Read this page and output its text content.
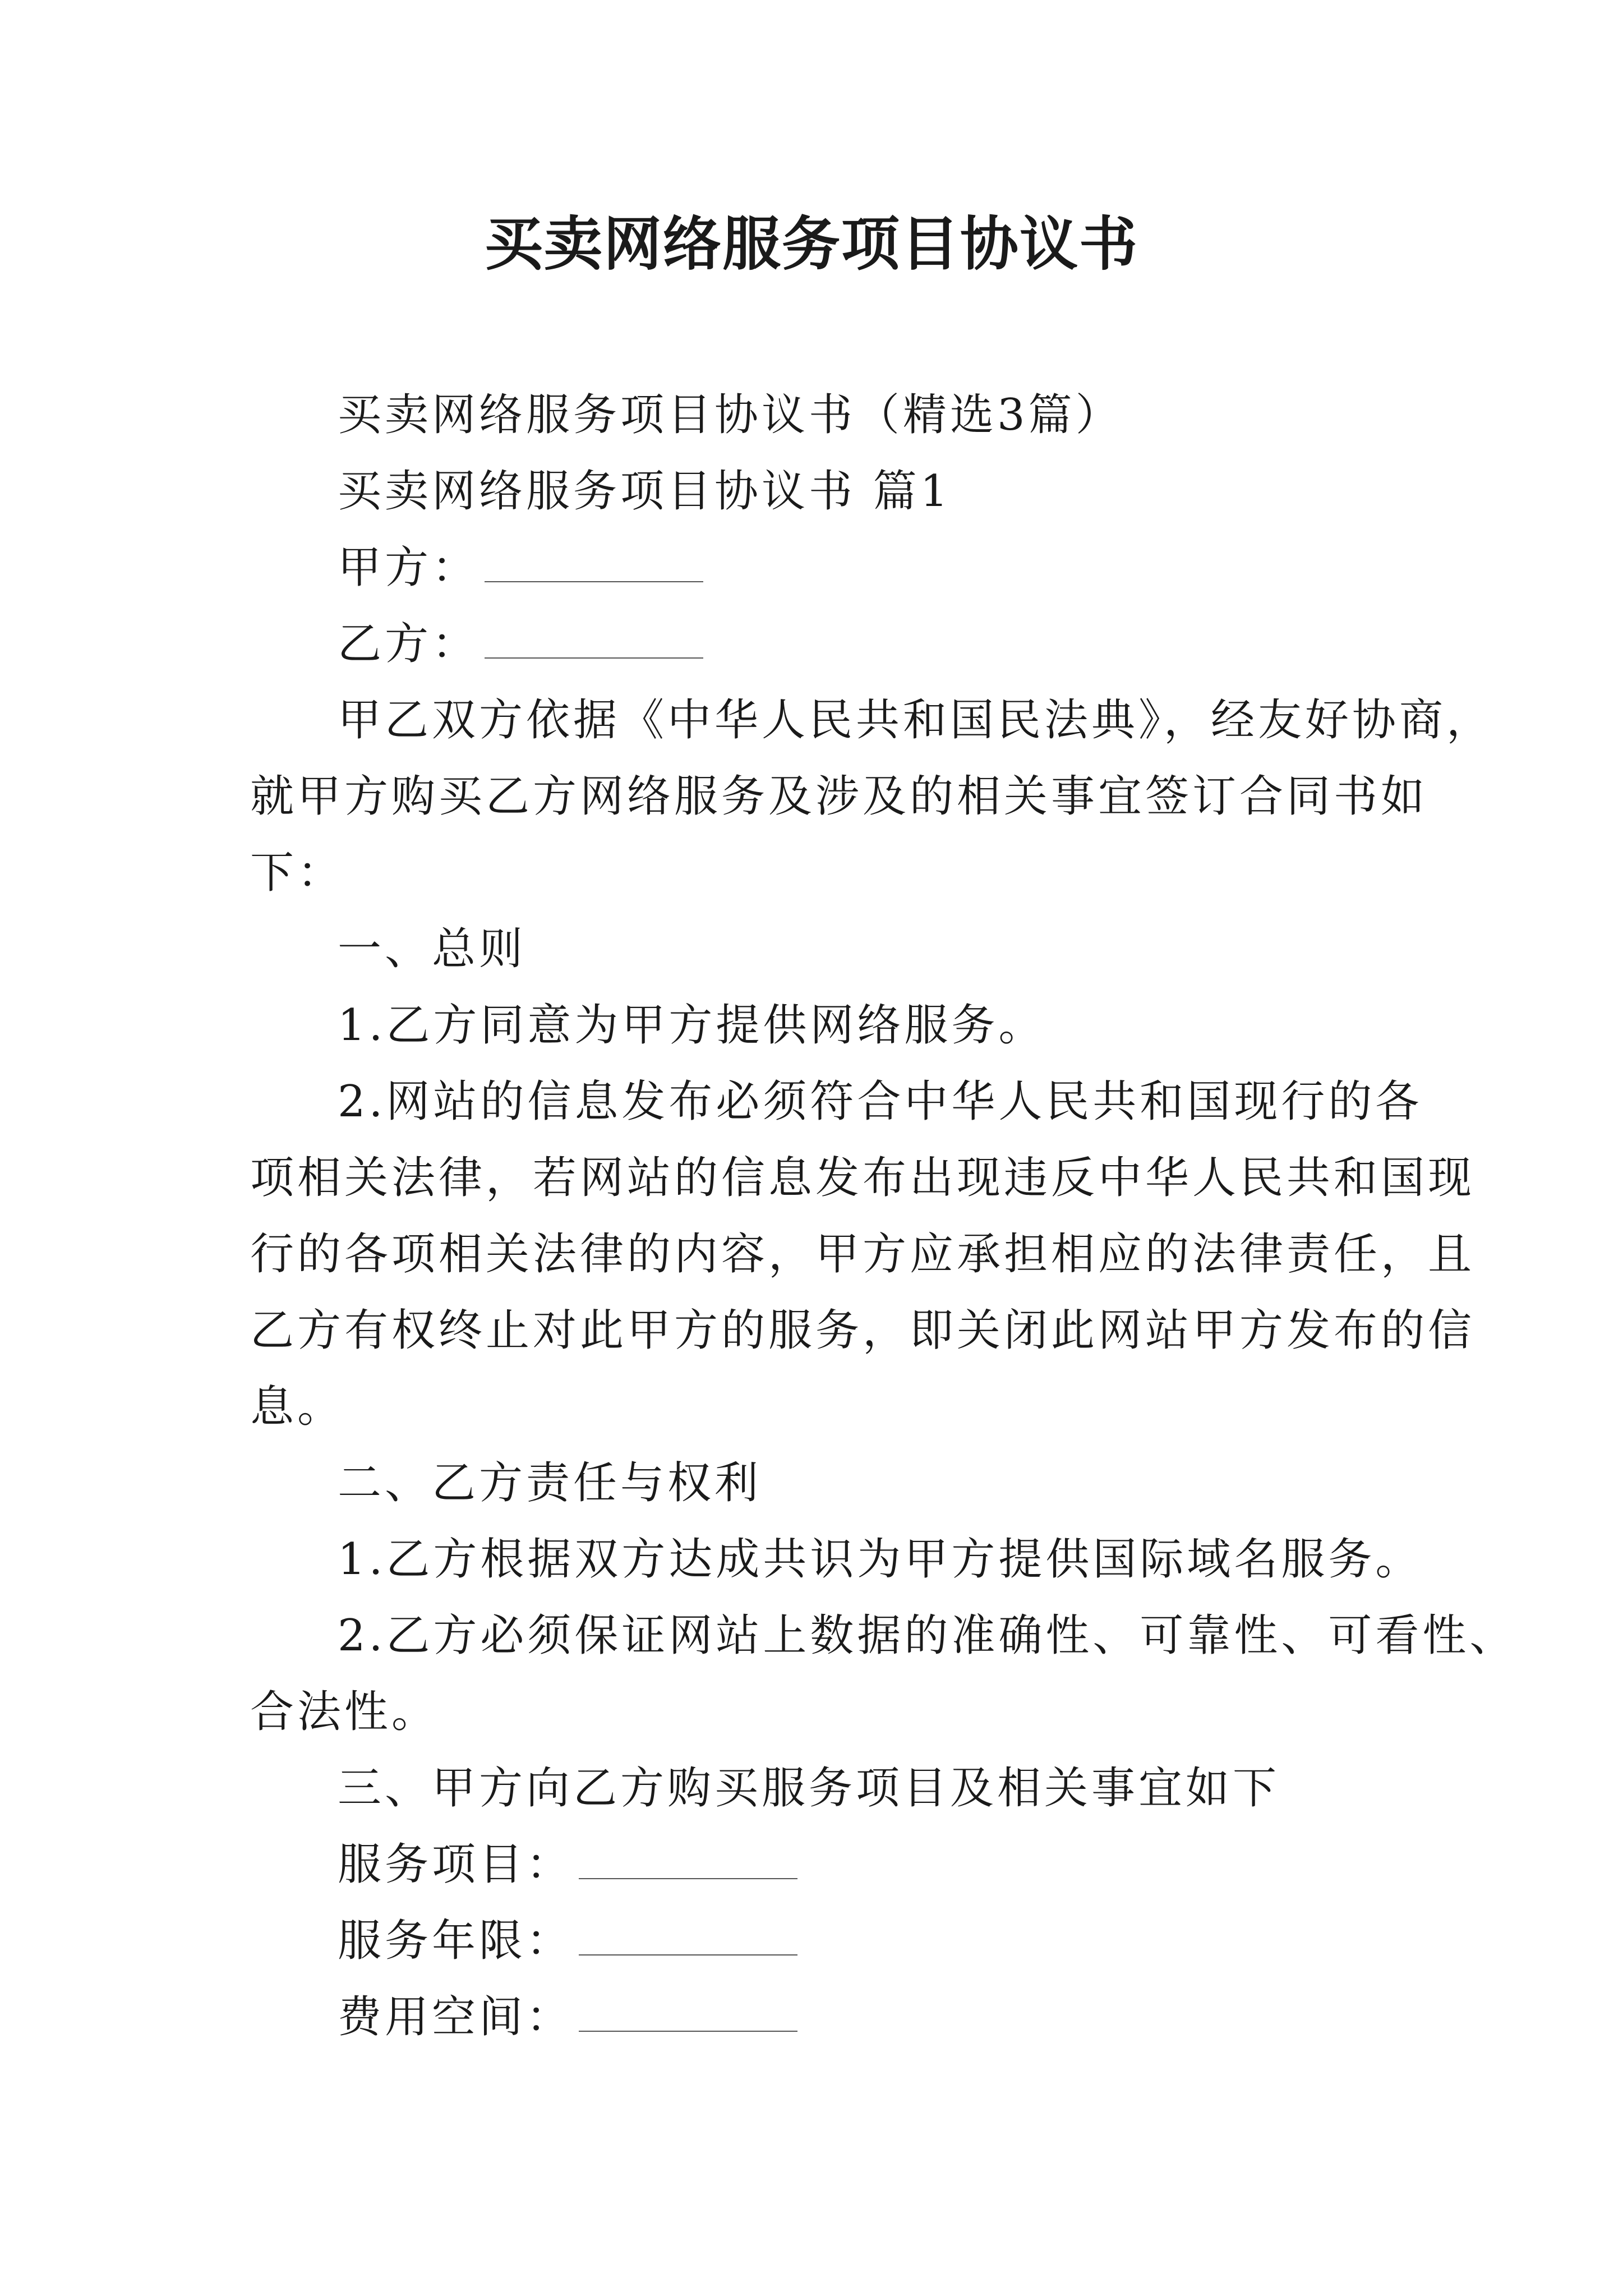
买卖网络服务项目协议书
买卖网络服务项目协议书（精选3篇）
买卖网络服务项目协议书 篇1
甲方：
乙方：
甲乙双方依据《中华人民共和国民法典》，经友好协商，
就甲方购买乙方网络服务及涉及的相关事宜签订合同书如
下：
一、总则
1.乙方同意为甲方提供网络服务。
2.网站的信息发布必须符合中华人民共和国现行的各
项相关法律，若网站的信息发布出现违反中华人民共和国现
行的各项相关法律的内容，甲方应承担相应的法律责任，且
乙方有权终止对此甲方的服务，即关闭此网站甲方发布的信
息。
二、乙方责任与权利
1.乙方根据双方达成共识为甲方提供国际域名服务。
2.乙方必须保证网站上数据的准确性、可靠性、可看性、
合法性。
三、甲方向乙方购买服务项目及相关事宜如下
服务项目：
服务年限：
费用空间：
